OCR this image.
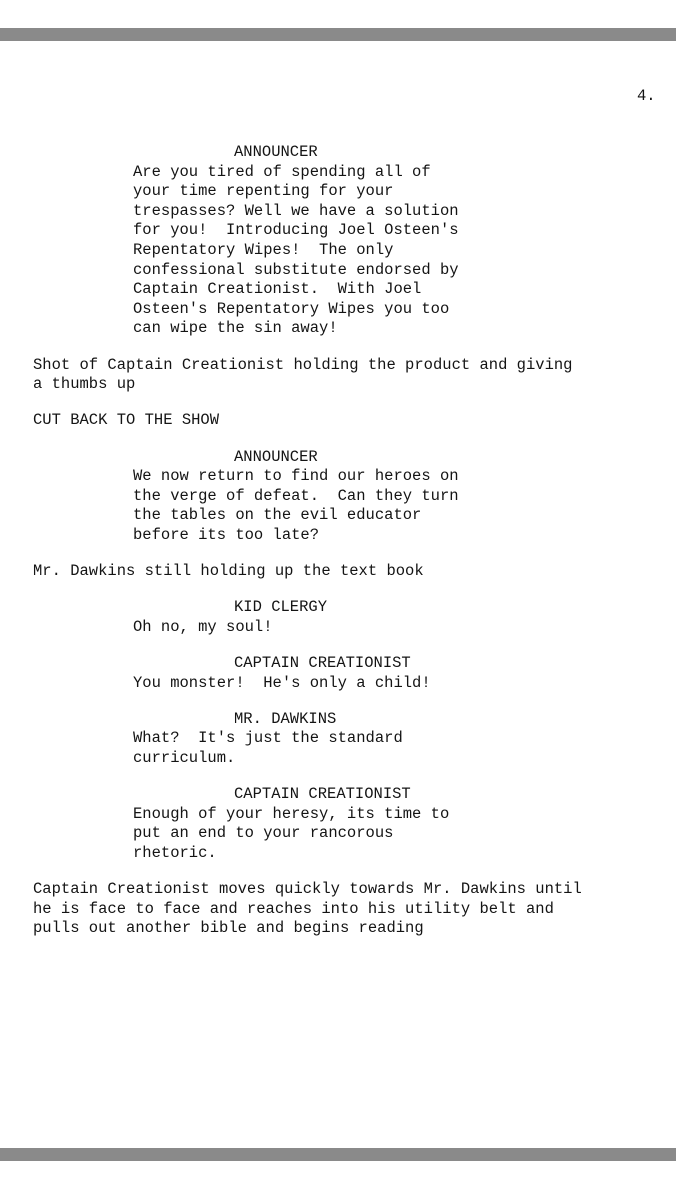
4.
ANNOUNCER
Are you tired of spending all of
your time repenting for your
trespasses? Well we have a solution
for you!  Introducing Joel Osteen's
Repentatory Wipes!  The only
confessional substitute endorsed by
Captain Creationist.  With Joel
Osteen's Repentatory Wipes you too
can wipe the sin away!
Shot of Captain Creationist holding the product and giving
a thumbs up
CUT BACK TO THE SHOW
ANNOUNCER
We now return to find our heroes on
the verge of defeat.  Can they turn
the tables on the evil educator
before its too late?
Mr. Dawkins still holding up the text book
KID CLERGY
Oh no, my soul!
CAPTAIN CREATIONIST
You monster!  He's only a child!
MR. DAWKINS
What?  It's just the standard
curriculum.
CAPTAIN CREATIONIST
Enough of your heresy, its time to
put an end to your rancorous
rhetoric.
Captain Creationist moves quickly towards Mr. Dawkins until
he is face to face and reaches into his utility belt and
pulls out another bible and begins reading
